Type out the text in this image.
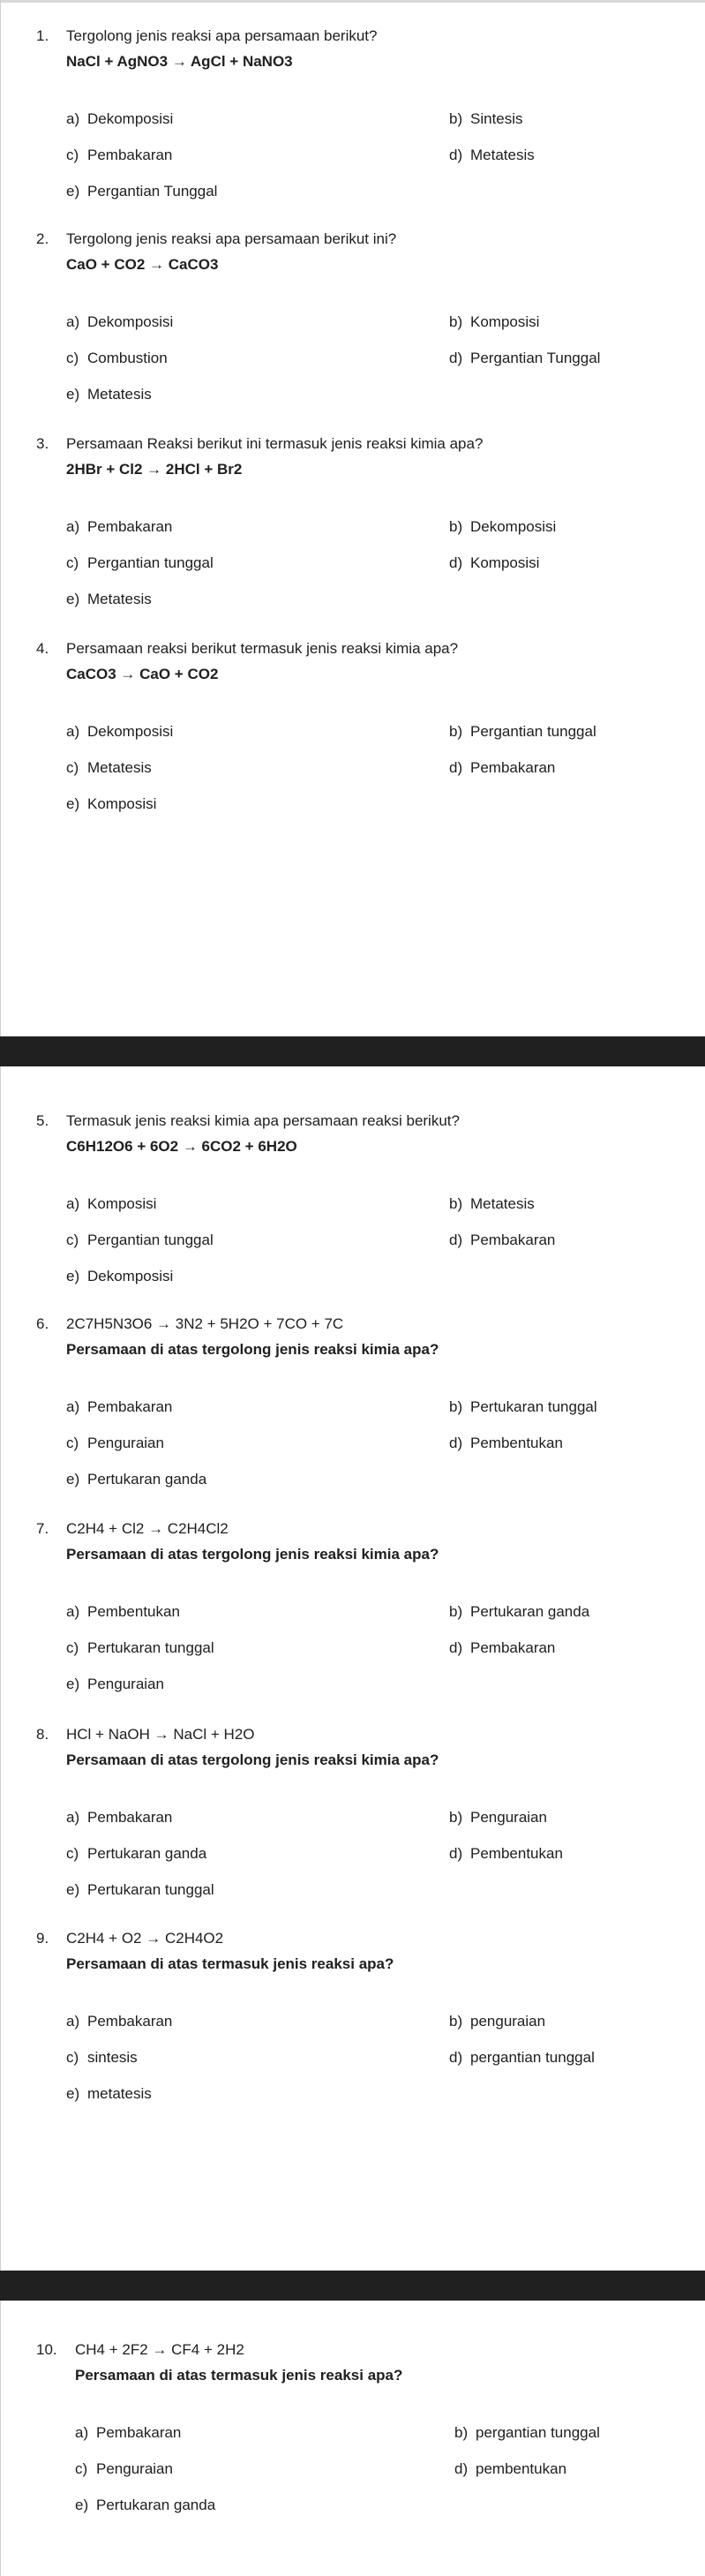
1. Tergolong jenis reaksi apa persamaan berikut?
NaCl + AgNO3 → AgCl + NaNO3
a) Dekomposisi	b) Sintesis
c) Pembakaran	d) Metatesis
e) Pergantian Tunggal
2. Tergolong jenis reaksi apa persamaan berikut ini?
CaO + CO2 → CaCO3
a) Dekomposisi	b) Komposisi
c) Combustion	d) Pergantian Tunggal
e) Metatesis
3. Persamaan Reaksi berikut ini termasuk jenis reaksi kimia apa?
2HBr + Cl2 → 2HCl + Br2
a) Pembakaran	b) Dekomposisi
c) Pergantian tunggal	d) Komposisi
e) Metatesis
4. Persamaan reaksi berikut termasuk jenis reaksi kimia apa?
CaCO3 → CaO + CO2
a) Dekomposisi	b) Pergantian tunggal
c) Metatesis	d) Pembakaran
e) Komposisi
5. Termasuk jenis reaksi kimia apa persamaan reaksi berikut?
C6H12O6 + 6O2 → 6CO2 + 6H2O
a) Komposisi	b) Metatesis
c) Pergantian tunggal	d) Pembakaran
e) Dekomposisi
6. 2C7H5N3O6 → 3N2 + 5H2O + 7CO + 7C
Persamaan di atas tergolong jenis reaksi kimia apa?
a) Pembakaran	b) Pertukaran tunggal
c) Penguraian	d) Pembentukan
e) Pertukaran ganda
7. C2H4 + Cl2 → C2H4Cl2
Persamaan di atas tergolong jenis reaksi kimia apa?
a) Pembentukan	b) Pertukaran ganda
c) Pertukaran tunggal	d) Pembakaran
e) Penguraian
8. HCl + NaOH → NaCl + H2O
Persamaan di atas tergolong jenis reaksi kimia apa?
a) Pembakaran	b) Penguraian
c) Pertukaran ganda	d) Pembentukan
e) Pertukaran tunggal
9. C2H4 + O2 → C2H4O2
Persamaan di atas termasuk jenis reaksi apa?
a) Pembakaran	b) penguraian
c) sintesis	d) pergantian tunggal
e) metatesis
10. CH4 + 2F2 → CF4 + 2H2
Persamaan di atas termasuk jenis reaksi apa?
a) Pembakaran	b) pergantian tunggal
c) Penguraian	d) pembentukan
e) Pertukaran ganda
